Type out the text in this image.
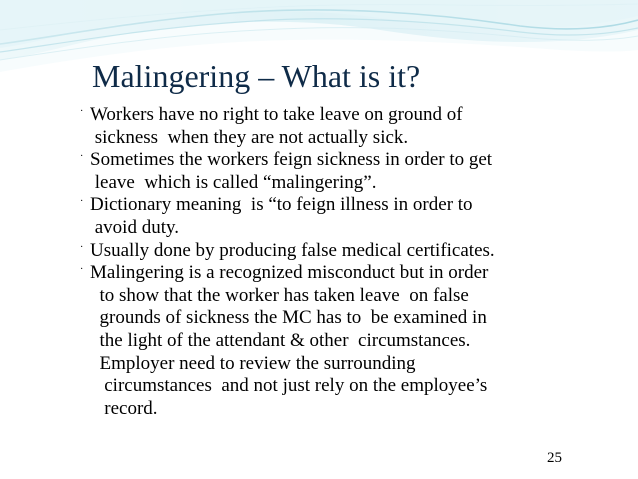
Malingering – What is it?
· Workers have no right to take leave on ground of
sickness  when they are not actually sick.
· Sometimes the workers feign sickness in order to get
leave  which is called “malingering”.
· Dictionary meaning  is “to feign illness in order to
avoid duty.
· Usually done by producing false medical certificates.
· Malingering is a recognized misconduct but in order
to show that the worker has taken leave  on false
grounds of sickness the MC has to  be examined in
the light of the attendant & other  circumstances.
Employer need to review the surrounding
circumstances  and not just rely on the employee’s
record.
25
